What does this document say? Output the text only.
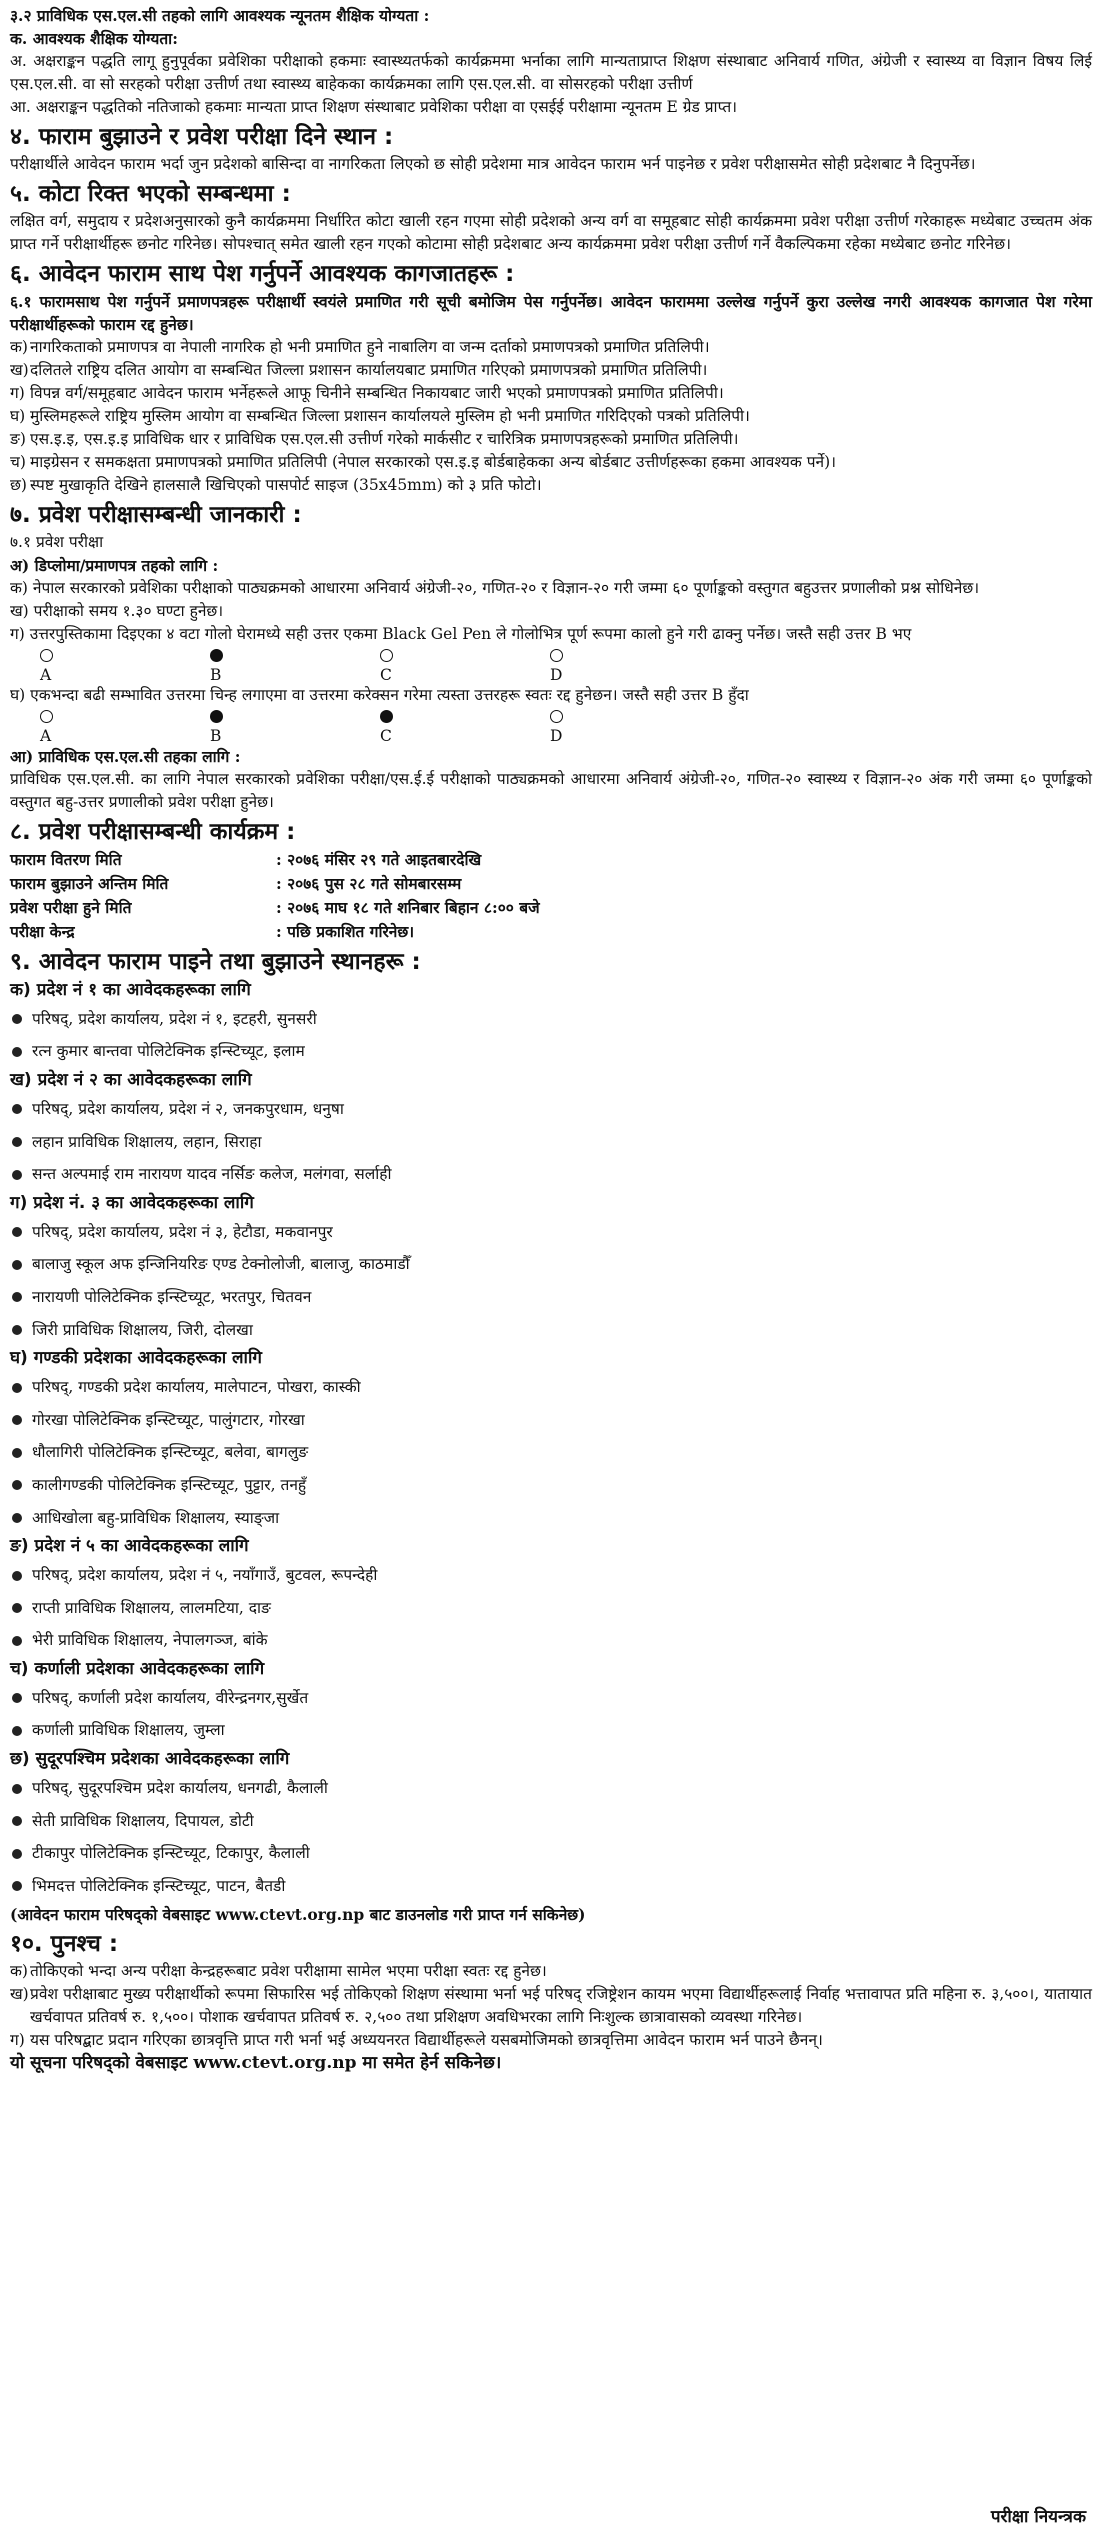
३.२ प्राविधिक एस.एल.सी तहको लागि आवश्यक न्यूनतम शैक्षिक योग्यता :
क. आवश्यक शैक्षिक योग्यता:
अ. अक्षराङ्कन पद्धति लागू हुनुपूर्वका प्रवेशिका परीक्षाको हकमाः स्वास्थ्यतर्फको कार्यक्रममा भर्नाका लागि मान्यताप्राप्त शिक्षण संस्थाबाट अनिवार्य गणित, अंग्रेजी र स्वास्थ्य वा विज्ञान विषय लिई एस.एल.सी. वा सो सरहको परीक्षा उत्तीर्ण तथा स्वास्थ्य बाहेकका कार्यक्रमका लागि एस.एल.सी. वा सोसरहको परीक्षा उत्तीर्ण
आ. अक्षराङ्कन पद्धतिको नतिजाको हकमाः मान्यता प्राप्त शिक्षण संस्थाबाट प्रवेशिका परीक्षा वा एसईई परीक्षामा न्यूनतम E ग्रेड प्राप्त।
४. फाराम बुझाउने र प्रवेश परीक्षा दिने स्थान :
परीक्षार्थीले आवेदन फाराम भर्दा जुन प्रदेशको बासिन्दा वा नागरिकता लिएको छ सोही प्रदेशमा मात्र आवेदन फाराम भर्न पाइनेछ र प्रवेश परीक्षासमेत सोही प्रदेशबाट नै दिनुपर्नेछ।
५. कोटा रिक्त भएको सम्बन्धमा :
लक्षित वर्ग, समुदाय र प्रदेशअनुसारको कुनै कार्यक्रममा निर्धारित कोटा खाली रहन गएमा सोही प्रदेशको अन्य वर्ग वा समूहबाट सोही कार्यक्रममा प्रवेश परीक्षा उत्तीर्ण गरेकाहरू मध्येबाट उच्चतम अंक प्राप्त गर्ने परीक्षार्थीहरू छनोट गरिनेछ। सोपश्चात् समेत खाली रहन गएको कोटामा सोही प्रदेशबाट अन्य कार्यक्रममा प्रवेश परीक्षा उत्तीर्ण गर्ने वैकल्पिकमा रहेका मध्येबाट छनोट गरिनेछ।
६. आवेदन फाराम साथ पेश गर्नुपर्ने आवश्यक कागजातहरू :
६.१ फारामसाथ पेश गर्नुपर्ने प्रमाणपत्रहरू परीक्षार्थी स्वयंले प्रमाणित गरी सूची बमोजिम पेस गर्नुपर्नेछ। आवेदन फाराममा उल्लेख गर्नुपर्ने कुरा उल्लेख नगरी आवश्यक कागजात पेश गरेमा परीक्षार्थीहरूको फाराम रद्द हुनेछ।
क) नागरिकताको प्रमाणपत्र वा नेपाली नागरिक हो भनी प्रमाणित हुने नाबालिग वा जन्म दर्ताको प्रमाणपत्रको प्रमाणित प्रतिलिपी।
ख) दलितले राष्ट्रिय दलित आयोग वा सम्बन्धित जिल्ला प्रशासन कार्यालयबाट प्रमाणित गरिएको प्रमाणपत्रको प्रमाणित प्रतिलिपी।
ग) विपन्न वर्ग/समूहबाट आवेदन फाराम भर्नेहरूले आफू चिनीने सम्बन्धित निकायबाट जारी भएको प्रमाणपत्रको प्रमाणित प्रतिलिपी।
घ) मुस्लिमहरूले राष्ट्रिय मुस्लिम आयोग वा सम्बन्धित जिल्ला प्रशासन कार्यालयले मुस्लिम हो भनी प्रमाणित गरिदिएको पत्रको प्रतिलिपी।
ङ) एस.इ.इ, एस.इ.इ प्राविधिक धार र प्राविधिक एस.एल.सी उत्तीर्ण गरेको मार्कसीट र चारित्रिक प्रमाणपत्रहरूको प्रमाणित प्रतिलिपी।
च) माइग्रेसन र समकक्षता प्रमाणपत्रको प्रमाणित प्रतिलिपी (नेपाल सरकारको एस.इ.इ बोर्डबाहेकका अन्य बोर्डबाट उत्तीर्णहरूका हकमा आवश्यक पर्ने)।
छ) स्पष्ट मुखाकृति देखिने हालसालै खिचिएको पासपोर्ट साइज (35x45mm) को ३ प्रति फोटो।
७. प्रवेश परीक्षासम्बन्धी जानकारी :
७.१ प्रवेश परीक्षा
अ) डिप्लोमा/प्रमाणपत्र तहको लागि :
क) नेपाल सरकारको प्रवेशिका परीक्षाको पाठ्यक्रमको आधारमा अनिवार्य अंग्रेजी-२०, गणित-२० र विज्ञान-२० गरी जम्मा ६० पूर्णाङ्कको वस्तुगत बहुउत्तर प्रणालीको प्रश्न सोधिनेछ।
ख) परीक्षाको समय १.३० घण्टा हुनेछ।
ग) उत्तरपुस्तिकामा दिइएका ४ वटा गोलो घेरामध्ये सही उत्तर एकमा Black Gel Pen ले गोलोभित्र पूर्ण रूपमा कालो हुने गरी ढाक्नु पर्नेछ। जस्तै सही उत्तर B भए
A	B	C	D
घ) एकभन्दा बढी सम्भावित उत्तरमा चिन्ह लगाएमा वा उत्तरमा करेक्सन गरेमा त्यस्ता उत्तरहरू स्वतः रद्द हुनेछन। जस्तै सही उत्तर B हुँदा
A	B	C	D
आ) प्राविधिक एस.एल.सी तहका लागि :
प्राविधिक एस.एल.सी. का लागि नेपाल सरकारको प्रवेशिका परीक्षा/एस.ई.ई परीक्षाको पाठ्यक्रमको आधारमा अनिवार्य अंग्रेजी-२०, गणित-२० स्वास्थ्य र विज्ञान-२० अंक गरी जम्मा ६० पूर्णाङ्कको वस्तुगत बहु-उत्तर प्रणालीको प्रवेश परीक्षा हुनेछ।
८. प्रवेश परीक्षासम्बन्धी कार्यक्रम :
फाराम वितरण मिति	: २०७६ मंसिर २९ गते आइतबारदेखि
फाराम बुझाउने अन्तिम मिति	: २०७६ पुस २८ गते सोमबारसम्म
प्रवेश परीक्षा हुने मिति	: २०७६ माघ १८ गते शनिबार बिहान ८:०० बजे
परीक्षा केन्द्र	: पछि प्रकाशित गरिनेछ।
९. आवेदन फाराम पाइने तथा बुझाउने स्थानहरू :
क) प्रदेश नं १ का आवेदकहरूका लागि
परिषद्, प्रदेश कार्यालय, प्रदेश नं १, इटहरी, सुनसरी
रत्न कुमार बान्तवा पोलिटेक्निक इन्स्टिच्यूट, इलाम
ख) प्रदेश नं २ का आवेदकहरूका लागि
परिषद्, प्रदेश कार्यालय, प्रदेश नं २, जनकपुरधाम, धनुषा
लहान प्राविधिक शिक्षालय, लहान, सिराहा
सन्त अल्पमाई राम नारायण यादव नर्सिङ कलेज, मलंगवा, सर्लाही
ग) प्रदेश नं. ३ का आवेदकहरूका लागि
परिषद्, प्रदेश कार्यालय, प्रदेश नं ३, हेटौडा, मकवानपुर
बालाजु स्कूल अफ इन्जिनियरिङ एण्ड टेक्नोलोजी, बालाजु, काठमाडौँ
नारायणी पोलिटेक्निक इन्स्टिच्यूट, भरतपुर, चितवन
जिरी प्राविधिक शिक्षालय, जिरी, दोलखा
घ) गण्डकी प्रदेशका आवेदकहरूका लागि
परिषद्, गण्डकी प्रदेश कार्यालय, मालेपाटन, पोखरा, कास्की
गोरखा पोलिटेक्निक इन्स्टिच्यूट, पालुंगटार, गोरखा
धौलागिरी पोलिटेक्निक इन्स्टिच्यूट, बलेवा, बागलुङ
कालीगण्डकी पोलिटेक्निक इन्स्टिच्यूट, पुट्टार, तनहुँ
आधिखोला बहु-प्राविधिक शिक्षालय, स्याङ्जा
ङ) प्रदेश नं ५ का आवेदकहरूका लागि
परिषद्, प्रदेश कार्यालय, प्रदेश नं ५, नयाँगाउँ, बुटवल, रूपन्देही
राप्ती प्राविधिक शिक्षालय, लालमटिया, दाङ
भेरी प्राविधिक शिक्षालय, नेपालगञ्ज, बांके
च) कर्णाली प्रदेशका आवेदकहरूका लागि
परिषद्, कर्णाली प्रदेश कार्यालय, वीरेन्द्रनगर,सुर्खेत
कर्णाली प्राविधिक शिक्षालय, जुम्ला
छ) सुदूरपश्चिम प्रदेशका आवेदकहरूका लागि
परिषद्, सुदूरपश्चिम प्रदेश कार्यालय, धनगढी, कैलाली
सेती प्राविधिक शिक्षालय, दिपायल, डोटी
टीकापुर पोलिटेक्निक इन्स्टिच्यूट, टिकापुर, कैलाली
भिमदत्त पोलिटेक्निक इन्स्टिच्यूट, पाटन, बैतडी
(आवेदन फाराम परिषद्को वेबसाइट www.ctevt.org.np बाट डाउनलोड गरी प्राप्त गर्न सकिनेछ)
१०. पुनश्च :
क) तोकिएको भन्दा अन्य परीक्षा केन्द्रहरूबाट प्रवेश परीक्षामा सामेल भएमा परीक्षा स्वतः रद्द हुनेछ।
ख) प्रवेश परीक्षाबाट मुख्य परीक्षार्थीको रूपमा सिफारिस भई तोकिएको शिक्षण संस्थामा भर्ना भई परिषद् रजिष्ट्रेशन कायम भएमा विद्यार्थीहरूलाई निर्वाह भत्तावापत प्रति महिना रु. ३,५००।, यातायात खर्चवापत प्रतिवर्ष रु. १,५००। पोशाक खर्चवापत प्रतिवर्ष रु. २,५०० तथा प्रशिक्षण अवधिभरका लागि निःशुल्क छात्रावासको व्यवस्था गरिनेछ।
ग) यस परिषद्बाट प्रदान गरिएका छात्रवृत्ति प्राप्त गरी भर्ना भई अध्ययनरत विद्यार्थीहरूले यसबमोजिमको छात्रवृत्तिमा आवेदन फाराम भर्न पाउने छैनन्।
यो सूचना परिषद्को वेबसाइट www.ctevt.org.np मा समेत हेर्न सकिनेछ।
परीक्षा नियन्त्रक
